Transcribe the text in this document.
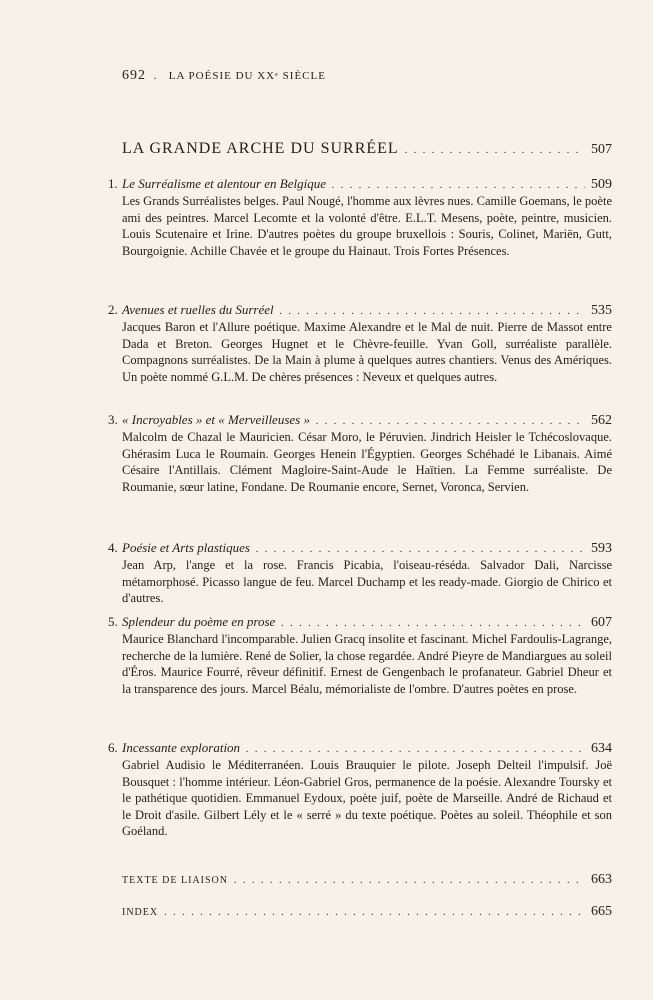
692 . LA POÉSIE DU XXᵉ SIÈCLE
LA GRANDE ARCHE DU SURRÉEL . . .	507
1. Le Surréalisme et alentour en Belgique . . .	509
Les Grands Surréalistes belges. Paul Nougé, l'homme aux lèvres nues. Camille Goemans, le poète ami des peintres. Marcel Lecomte et la volonté d'être. E.L.T. Mesens, poète, peintre, musicien. Louis Scutenaire et Irine. D'autres poètes du groupe bruxellois : Souris, Colinet, Mariën, Gutt, Bourgoignie. Achille Chavée et le groupe du Hainaut. Trois Fortes Présences.
2. Avenues et ruelles du Surréel . . .	535
Jacques Baron et l'Allure poétique. Maxime Alexandre et le Mal de nuit. Pierre de Massot entre Dada et Breton. Georges Hugnet et le Chèvre-feuille. Yvan Goll, surréaliste parallèle. Compagnons surréalistes. De la Main à plume à quelques autres chantiers. Venus des Amériques. Un poète nommé G.L.M. De chères présences : Neveux et quelques autres.
3. « Incroyables » et « Merveilleuses » . . .	562
Malcolm de Chazal le Mauricien. César Moro, le Péruvien. Jindrich Heisler le Tchécoslovaque. Ghérasim Luca le Roumain. Georges Henein l'Égyptien. Georges Schéhadé le Libanais. Aimé Césaire l'Antillais. Clément Magloire-Saint-Aude le Haïtien. La Femme surréaliste. De Roumanie, sœur latine, Fondane. De Roumanie encore, Sernet, Voronca, Servien.
4. Poésie et Arts plastiques . . .	593
Jean Arp, l'ange et la rose. Francis Picabia, l'oiseau-réséda. Salvador Dali, Narcisse métamorphosé. Picasso langue de feu. Marcel Duchamp et les ready-made. Giorgio de Chirico et d'autres.
5. Splendeur du poème en prose . . .	607
Maurice Blanchard l'incomparable. Julien Gracq insolite et fascinant. Michel Fardoulis-Lagrange, recherche de la lumière. René de Solier, la chose regardée. André Pieyre de Mandiargues au soleil d'Éros. Maurice Fourré, rêveur définitif. Ernest de Gengenbach le profanateur. Gabriel Dheur et la transparence des jours. Marcel Béalu, mémorialiste de l'ombre. D'autres poètes en prose.
6. Incessante exploration . . .	634
Gabriel Audisio le Méditerranéen. Louis Brauquier le pilote. Joseph Delteil l'impulsif. Joë Bousquet : l'homme intérieur. Léon-Gabriel Gros, permanence de la poésie. Alexandre Toursky et le pathétique quotidien. Emmanuel Eydoux, poète juif, poète de Marseille. André de Richaud et le Droit d'asile. Gilbert Lély et le « serré » du texte poétique. Poètes au soleil. Théophile et son Goéland.
TEXTE DE LIAISON . . .	663
INDEX . . .	665
